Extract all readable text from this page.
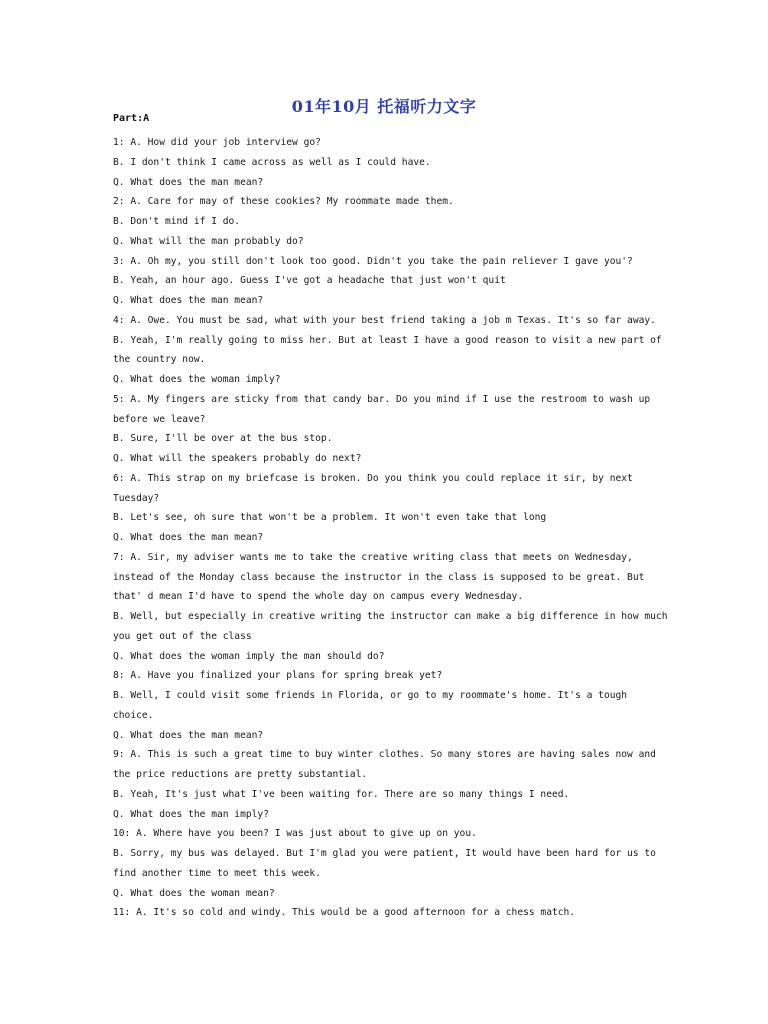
01年10月 托福听力文字
Part:A
1: A. How did your job interview go?
B. I don't think I came across as well as I could have.
Q. What does the man mean?
2: A. Care for may of these cookies? My roommate made them.
B. Don't mind if I do.
Q. What will the man probably do?
3: A. Oh my, you still don't look too good. Didn't you take the pain reliever I gave you'?
B. Yeah, an hour ago. Guess I've got a headache that just won't quit
Q. What does the man mean?
4: A. Owe. You must be sad, what with your best friend taking a job m Texas. It's so far away.
B. Yeah, I'm really going to miss her. But at least I have a good reason to visit a new part of
the country now.
Q. What does the woman imply?
5: A. My fingers are sticky from that candy bar. Do you mind if I use the restroom to wash up
before we leave?
B. Sure, I'll be over at the bus stop.
Q. What will the speakers probably do next?
6: A. This strap on my briefcase is broken. Do you think you could replace it sir, by next
Tuesday?
B. Let's see, oh sure that won't be a problem. It won't even take that long
Q. What does the man mean?
7: A. Sir, my adviser wants me to take the creative writing class that meets on Wednesday,
instead of the Monday class because the instructor in the class is supposed to be great. But
that' d mean I'd have to spend the whole day on campus every Wednesday.
B. Well, but especially in creative writing the instructor can make a big difference in how much
you get out of the class
Q. What does the woman imply the man should do?
8: A. Have you finalized your plans for spring break yet?
B. Well, I could visit some friends in Florida, or go to my roommate's home. It's a tough
choice.
Q. What does the man mean?
9: A. This is such a great time to buy winter clothes. So many stores are having sales now and
the price reductions are pretty substantial.
B. Yeah, It's just what I've been waiting for. There are so many things I need.
Q. What does the man imply?
10: A. Where have you been? I was just about to give up on you.
B. Sorry, my bus was delayed. But I'm glad you were patient, It would have been hard for us to
find another time to meet this week.
Q. What does the woman mean?
11: A. It's so cold and windy. This would be a good afternoon for a chess match.
